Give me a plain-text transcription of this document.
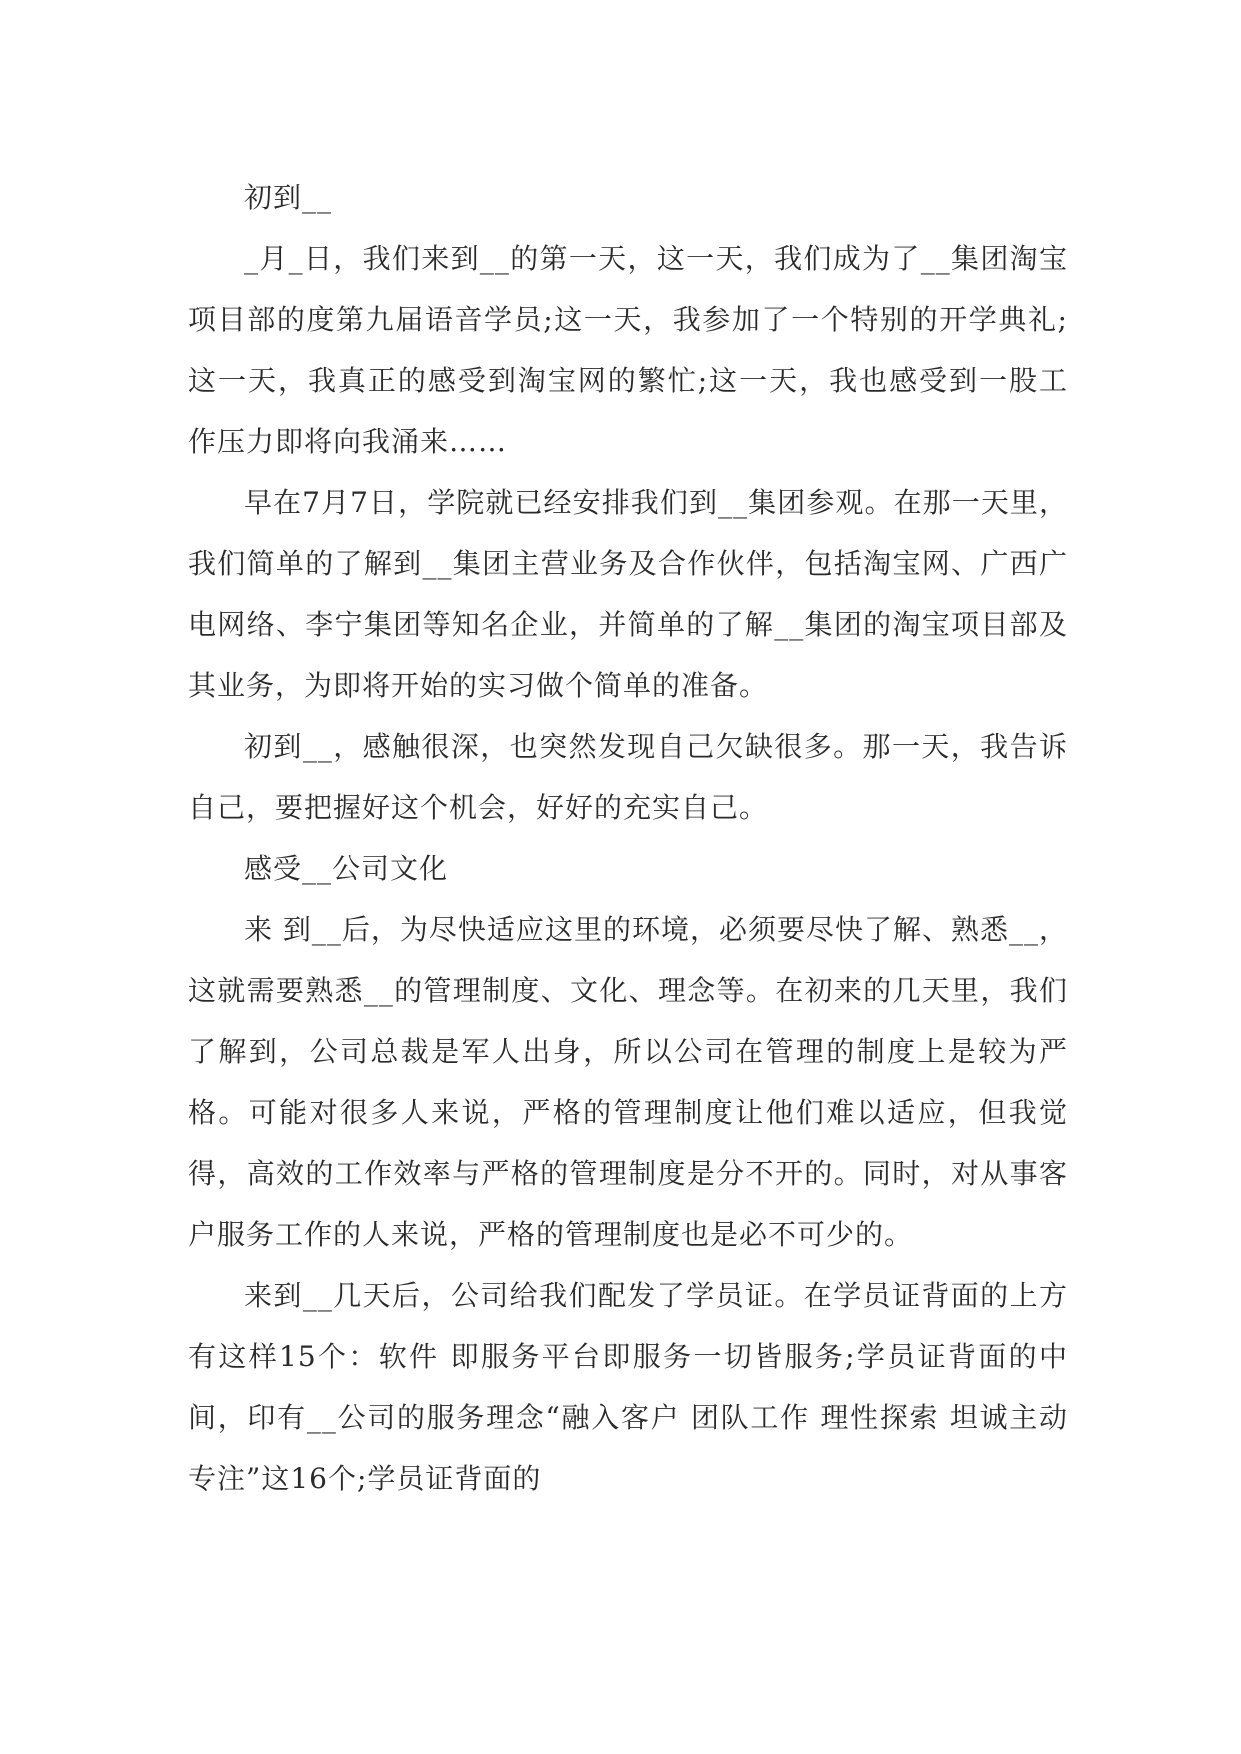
初到__

_月_日，我们来到__的第一天，这一天，我们成为了__集团淘宝项目部的度第九届语音学员;这一天，我参加了一个特别的开学典礼;这一天，我真正的感受到淘宝网的繁忙;这一天，我也感受到一股工作压力即将向我涌来……

早在7月7日，学院就已经安排我们到__集团参观。在那一天里，我们简单的了解到__集团主营业务及合作伙伴，包括淘宝网、广西广电网络、李宁集团等知名企业，并简单的了解__集团的淘宝项目部及其业务，为即将开始的实习做个简单的准备。

初到__，感触很深，也突然发现自己欠缺很多。那一天，我告诉自己，要把握好这个机会，好好的充实自己。

感受__公司文化

来 到__后，为尽快适应这里的环境，必须要尽快了解、熟悉__，这就需要熟悉__的管理制度、文化、理念等。在初来的几天里，我们了解到，公司总裁是军人出身，所以公司在管理的制度上是较为严格。可能对很多人来说，严格的管理制度让他们难以适应，但我觉得，高效的工作效率与严格的管理制度是分不开的。同时，对从事客户服务工作的人来说，严格的管理制度也是必不可少的。

来到__几天后，公司给我们配发了学员证。在学员证背面的上方有这样15个：软件 即服务平台即服务一切皆服务;学员证背面的中间，印有__公司的服务理念“融入客户 团队工作 理性探索 坦诚主动 专注”这16个;学员证背面的
